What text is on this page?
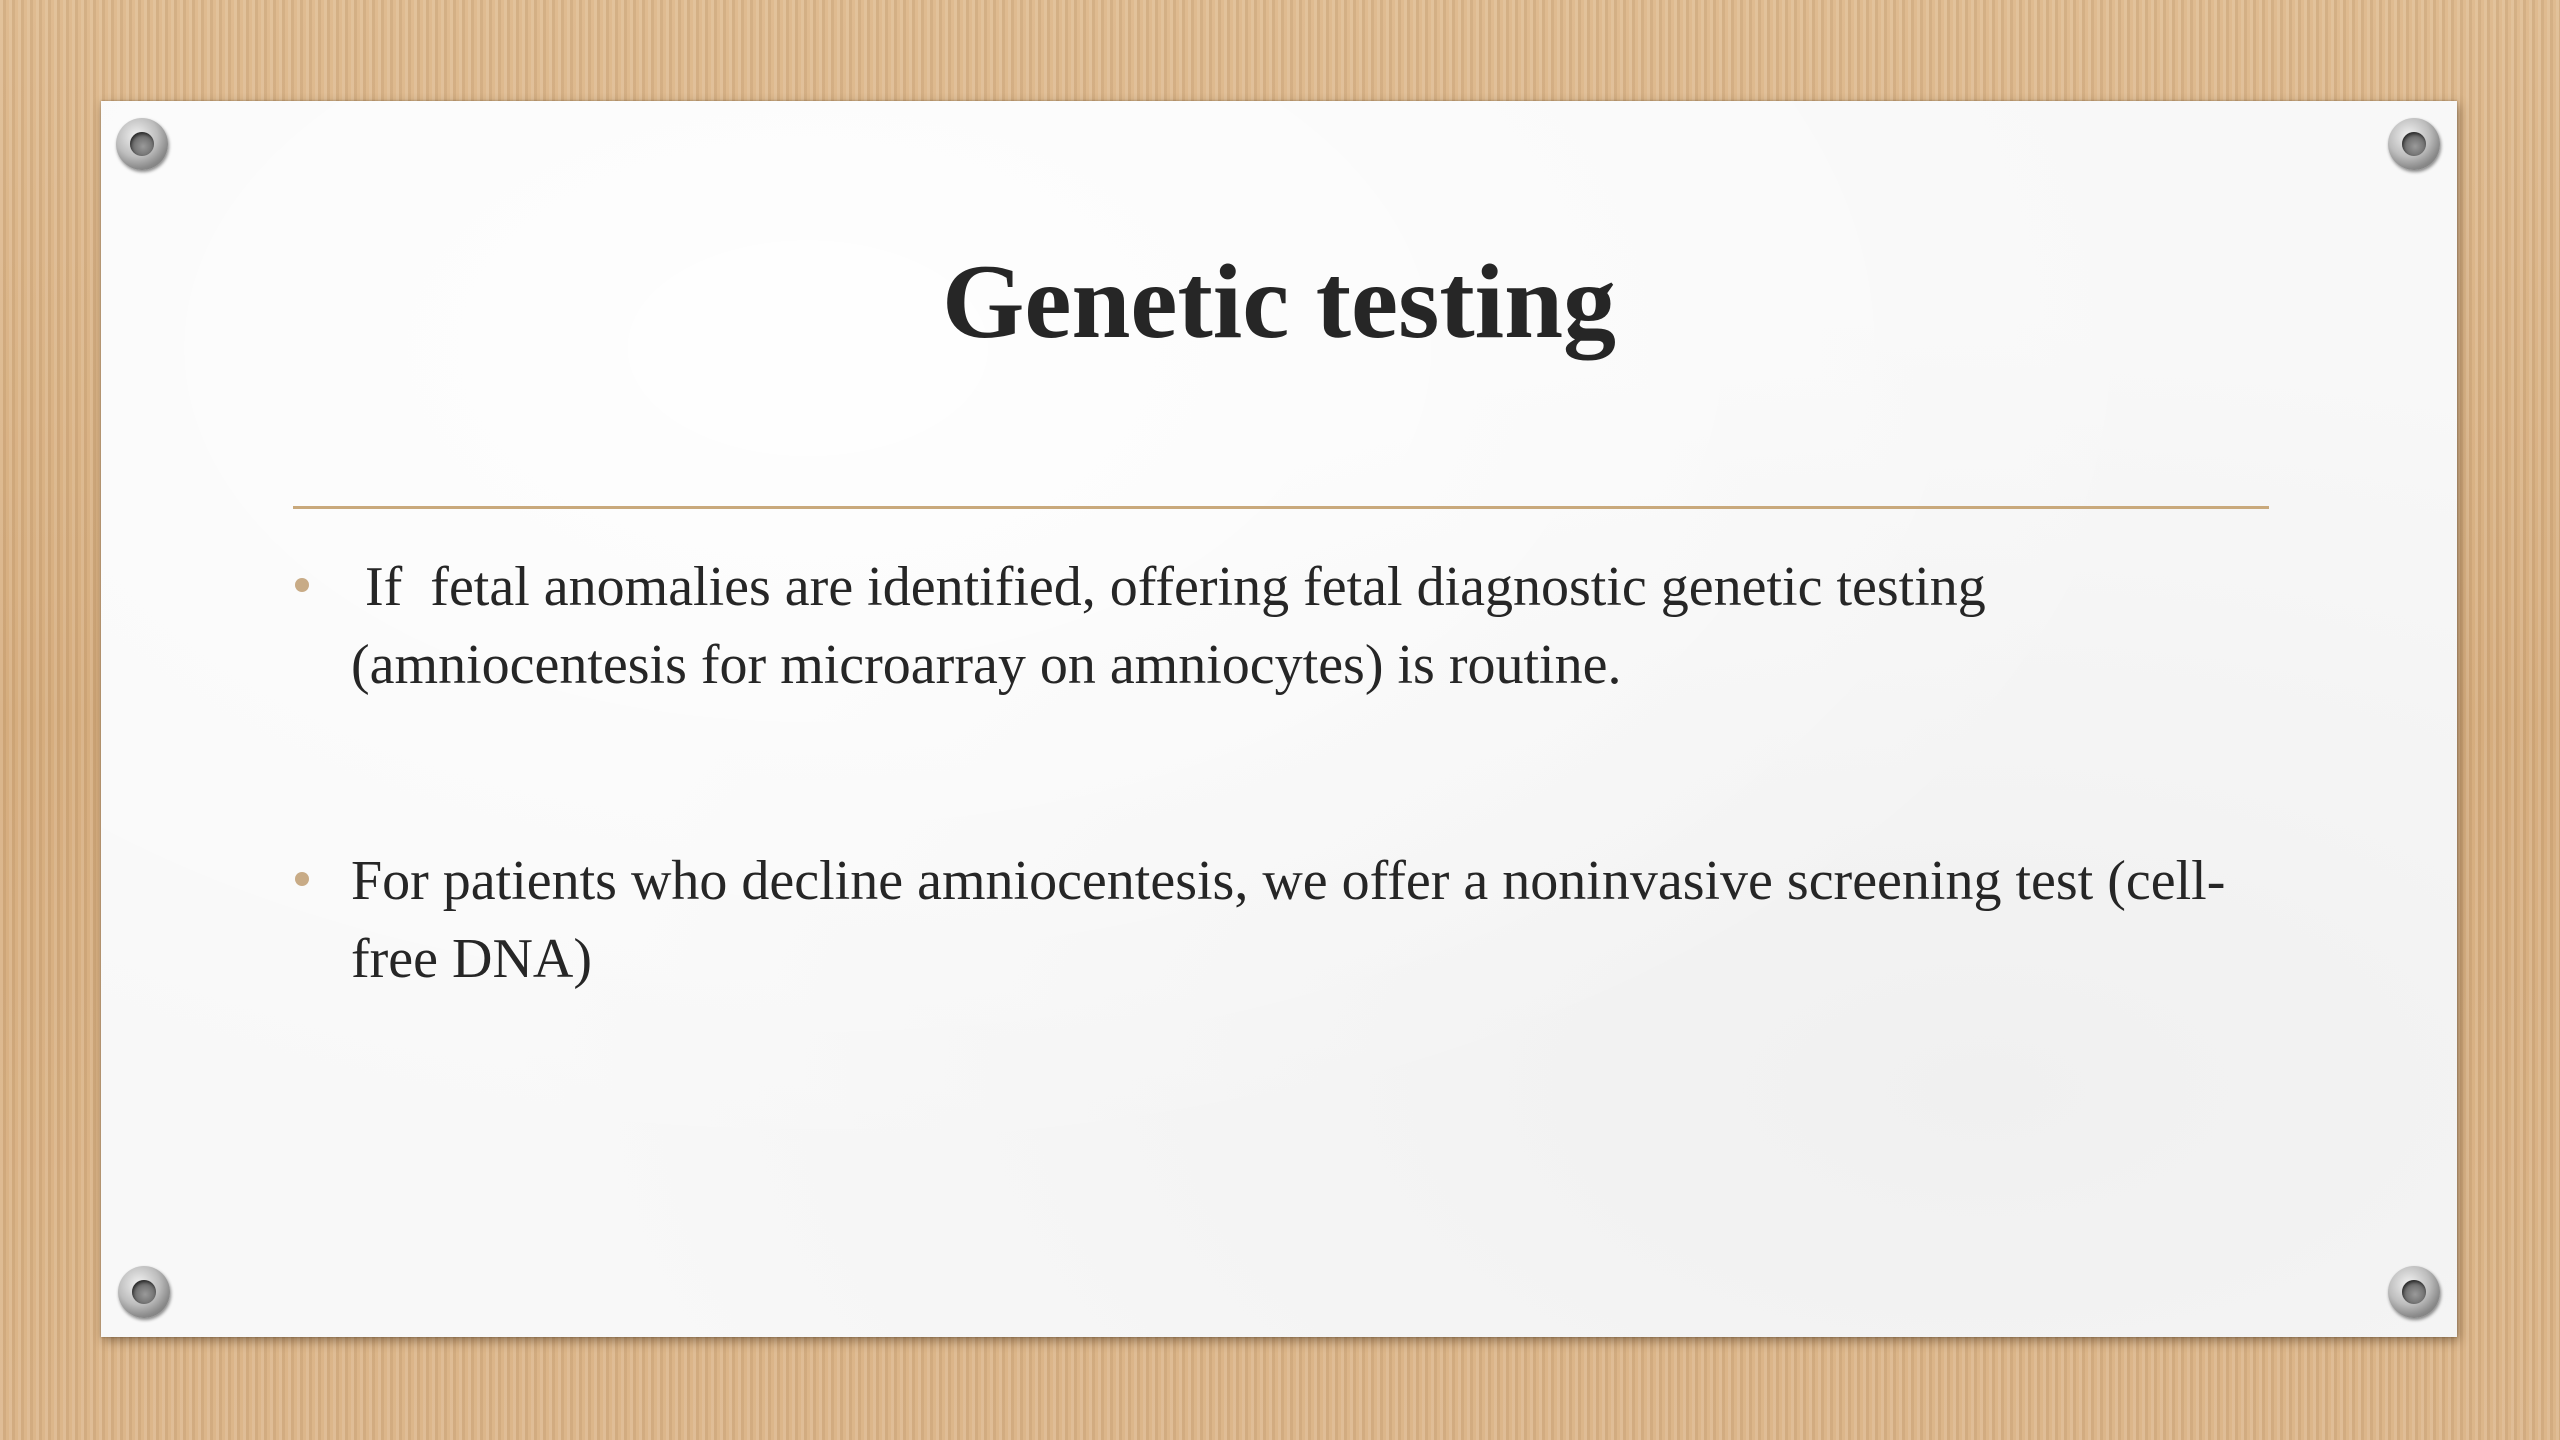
Genetic testing
If  fetal anomalies are identified, offering fetal diagnostic genetic testing (amniocentesis for microarray on amniocytes) is routine.
For patients who decline amniocentesis, we offer a noninvasive screening test (cell-free DNA)
